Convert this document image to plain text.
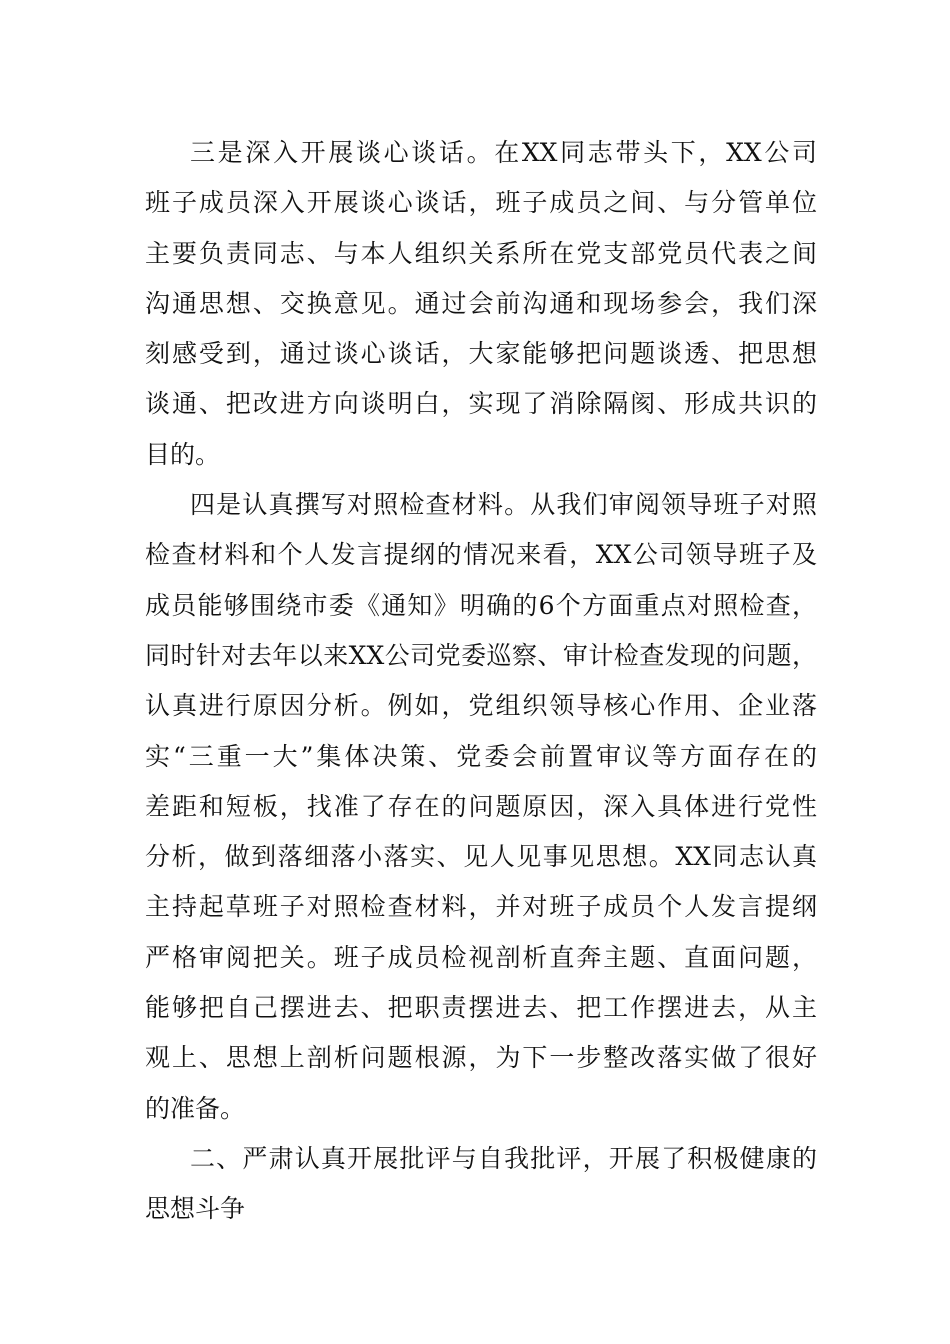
三是深入开展谈心谈话。在XX同志带头下，XX公司
班子成员深入开展谈心谈话，班子成员之间、与分管单位
主要负责同志、与本人组织关系所在党支部党员代表之间
沟通思想、交换意见。通过会前沟通和现场参会，我们深
刻感受到，通过谈心谈话，大家能够把问题谈透、把思想
谈通、把改进方向谈明白，实现了消除隔阂、形成共识的
目的。
四是认真撰写对照检查材料。从我们审阅领导班子对照
检查材料和个人发言提纲的情况来看，XX公司领导班子及
成员能够围绕市委《通知》明确的6个方面重点对照检查，
同时针对去年以来XX公司党委巡察、审计检查发现的问题，
认真进行原因分析。例如，党组织领导核心作用、企业落
实“三重一大”集体决策、党委会前置审议等方面存在的
差距和短板，找准了存在的问题原因，深入具体进行党性
分析，做到落细落小落实、见人见事见思想。XX同志认真
主持起草班子对照检查材料，并对班子成员个人发言提纲
严格审阅把关。班子成员检视剖析直奔主题、直面问题，
能够把自己摆进去、把职责摆进去、把工作摆进去，从主
观上、思想上剖析问题根源，为下一步整改落实做了很好
的准备。
二、严肃认真开展批评与自我批评，开展了积极健康的
思想斗争
